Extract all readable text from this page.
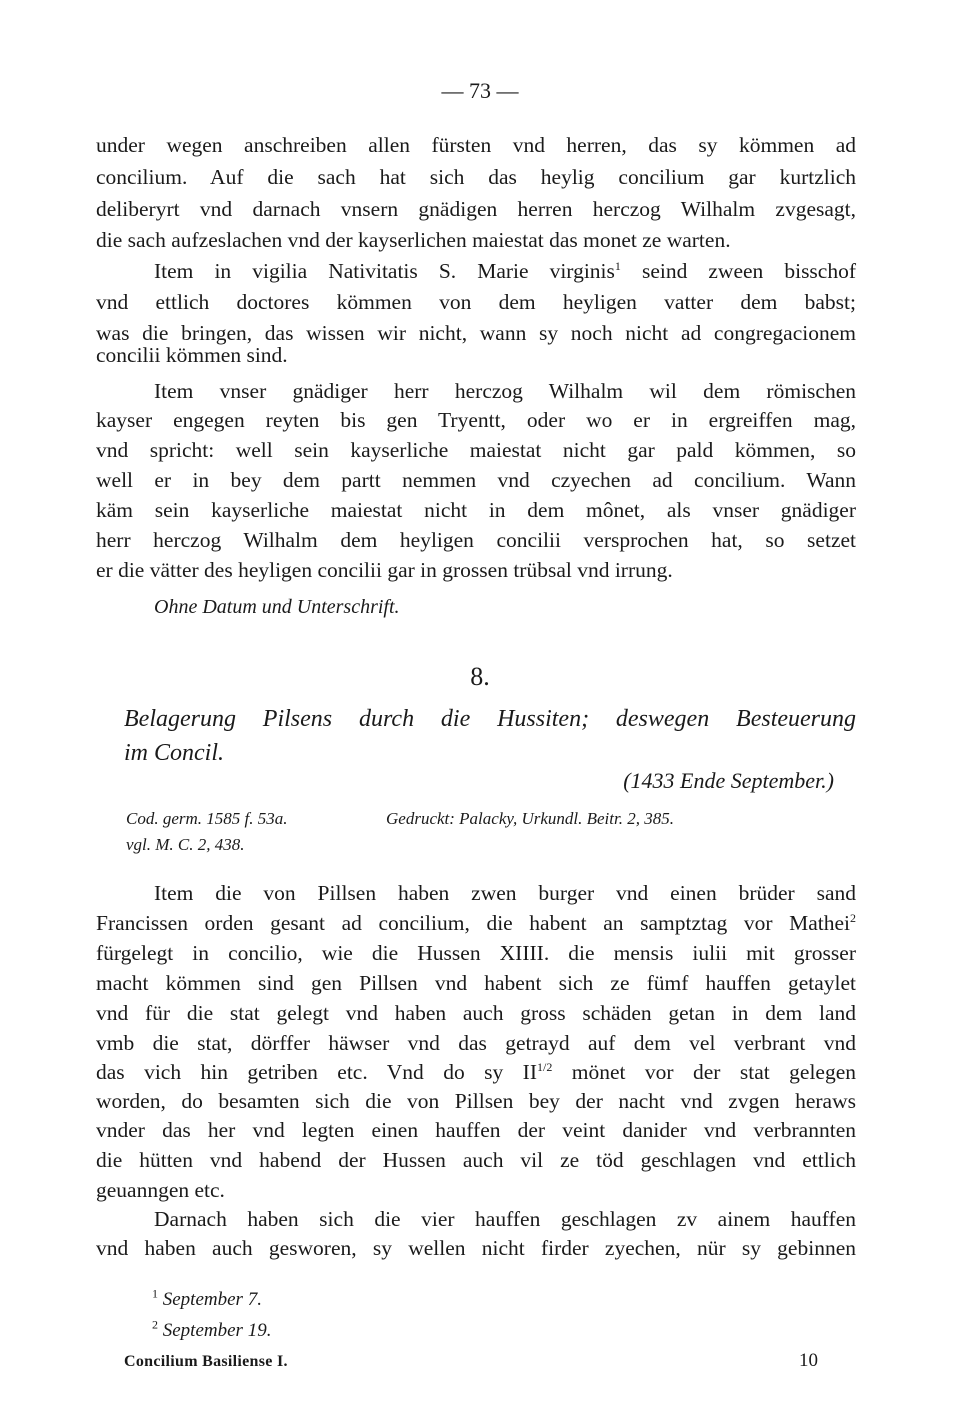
— 73 —
under wegen anschreiben allen fürsten vnd herren, das sy kömmen ad
concilium. Auf die sach hat sich das heylig concilium gar kurtzlich
deliberyrt vnd darnach vnsern gnädigen herren herczog Wilhalm zvgesagt,
die sach aufzeslachen vnd der kayserlichen maiestat das monet ze warten.
Item in vigilia Nativitatis S. Marie virginis$^1$ seind zween bisschof
vnd ettlich doctores kömmen von dem heyligen vatter dem babst;
was die bringen, das wissen wir nicht, wann sy noch nicht ad congregacionem
concilii kömmen sind.
Item vnser gnädiger herr herczog Wilhalm wil dem römischen
kayser engegen reyten bis gen Tryentt, oder wo er in ergreiffen mag,
vnd spricht: well sein kayserliche maiestat nicht gar pald kömmen, so
well er in bey dem partt nemmen vnd czyechen ad concilium. Wann
käm sein kayserliche maiestat nicht in dem mônet, als vnser gnädiger
herr herczog Wilhalm dem heyligen concilii versprochen hat, so setzet
er die vätter des heyligen concilii gar in grossen trübsal vnd irrung.
Ohne Datum und Unterschrift.
8.
Belagerung Pilsens durch die Hussiten; deswegen Besteuerung
im Concil.
(1433 Ende September.)
Cod. germ. 1585 f. 53a.
vgl. M. C. 2, 438.
Gedruckt: Palacky, Urkundl. Beitr. 2, 385.
Item die von Pillsen haben zwen burger vnd einen brüder sand
Francissen orden gesant ad concilium, die habent an samptztag vor Mathei$^2$
fürgelegt in concilio, wie die Hussen XIIII. die mensis iulii mit grosser
macht kömmen sind gen Pillsen vnd habent sich ze fümf hauffen getaylet
vnd für die stat gelegt vnd haben auch gross schäden getan in dem land
vmb die stat, dörffer häwser vnd das getrayd auf dem vel verbrant vnd
das vich hin getriben etc. Vnd do sy $II^{1/2}$ mönet vor der stat gelegen
worden, do besamten sich die von Pillsen bey der nacht vnd zvgen heraws
vnder das her vnd legten einen hauffen der veint danider vnd verbrannten
die hütten vnd habend der Hussen auch vil ze töd geschlagen vnd ettlich
geuanngen etc.
Darnach haben sich die vier hauffen geschlagen zv ainem hauffen
vnd haben auch gesworen, sy wellen nicht firder zyechen, nür sy gebinnen
$^1$ September 7.
$^2$ September 19.
Concilium Basiliense I.	10
